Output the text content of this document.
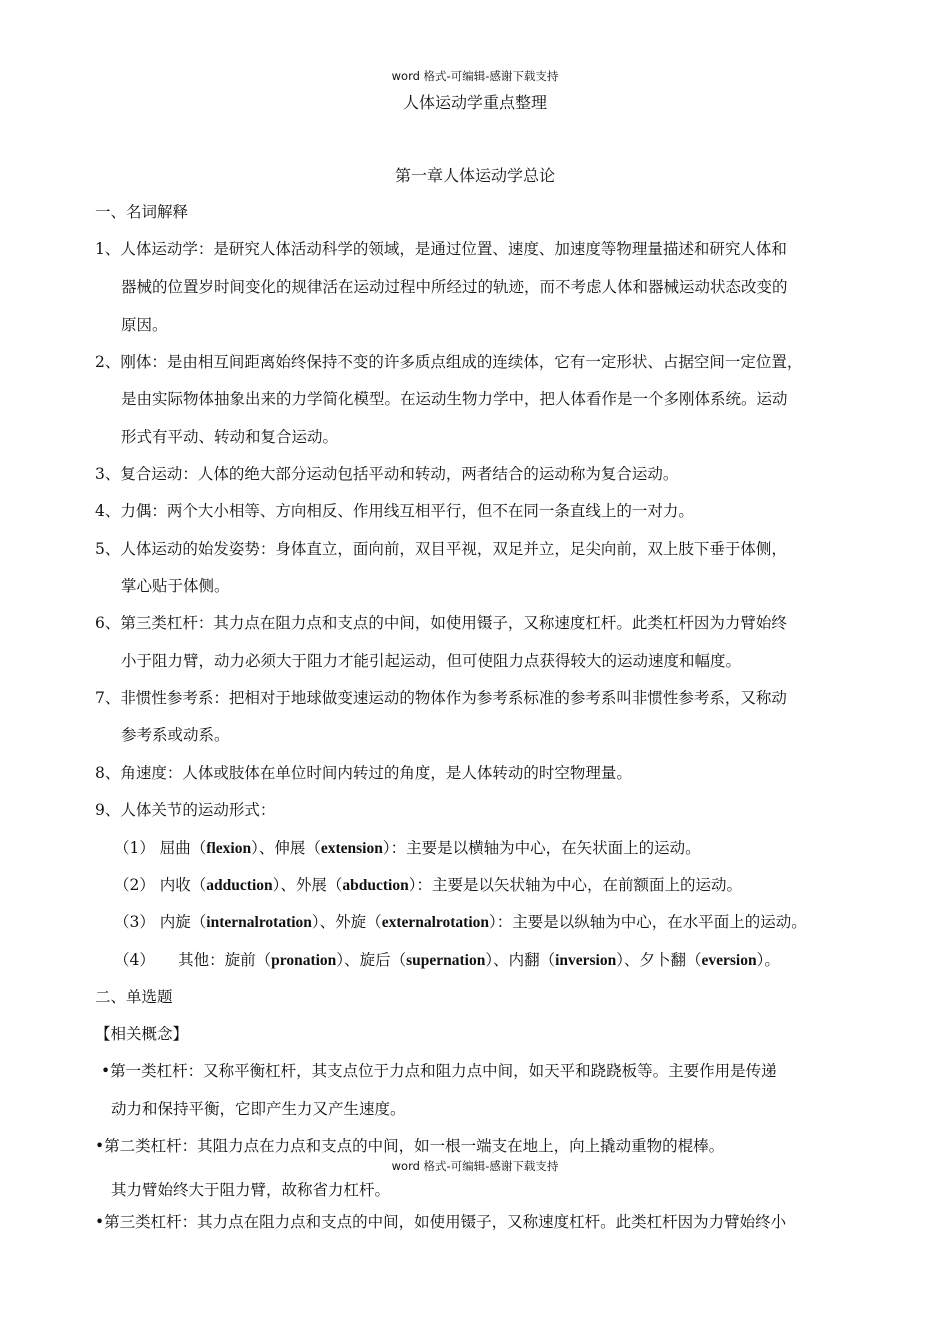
word 格式-可编辑-感谢下载支持
人体运动学重点整理
第一章人体运动学总论
一、名词解释
1、人体运动学：是研究人体活动科学的领域，是通过位置、速度、加速度等物理量描述和研究人体和
器械的位置岁时间变化的规律活在运动过程中所经过的轨迹，而不考虑人体和器械运动状态改变的
原因。
2、刚体：是由相互间距离始终保持不变的许多质点组成的连续体，它有一定形状、占据空间一定位置，
是由实际物体抽象出来的力学简化模型。在运动生物力学中，把人体看作是一个多刚体系统。运动
形式有平动、转动和复合运动。
3、复合运动：人体的绝大部分运动包括平动和转动，两者结合的运动称为复合运动。
4、力偶：两个大小相等、方向相反、作用线互相平行，但不在同一条直线上的一对力。
5、人体运动的始发姿势：身体直立，面向前，双目平视，双足并立，足尖向前，双上肢下垂于体侧，
掌心贴于体侧。
6、第三类杠杆：其力点在阻力点和支点的中间，如使用镊子，又称速度杠杆。此类杠杆因为力臂始终
小于阻力臂，动力必须大于阻力才能引起运动，但可使阻力点获得较大的运动速度和幅度。
7、非惯性参考系：把相对于地球做变速运动的物体作为参考系标准的参考系叫非惯性参考系，又称动
参考系或动系。
8、角速度：人体或肢体在单位时间内转过的角度，是人体转动的时空物理量。
9、人体关节的运动形式：
（1） 屈曲（flexion）、伸展（extension）：主要是以横轴为中心，在矢状面上的运动。
（2） 内收（adduction）、外展（abduction）：主要是以矢状轴为中心，在前额面上的运动。
（3） 内旋（internalrotation）、外旋（externalrotation）：主要是以纵轴为中心，在水平面上的运动。
（4）　　其他：旋前（pronation）、旋后（supernation）、内翻（inversion）、夕卜翻（eversion）。
二、单选题
【相关概念】
•第一类杠杆：又称平衡杠杆，其支点位于力点和阻力点中间，如天平和跷跷板等。主要作用是传递
动力和保持平衡，它即产生力又产生速度。
•第二类杠杆：其阻力点在力点和支点的中间，如一根一端支在地上，向上撬动重物的棍棒。
word 格式-可编辑-感谢下载支持
其力臂始终大于阻力臂，故称省力杠杆。
•第三类杠杆：其力点在阻力点和支点的中间，如使用镊子，又称速度杠杆。此类杠杆因为力臂始终小
